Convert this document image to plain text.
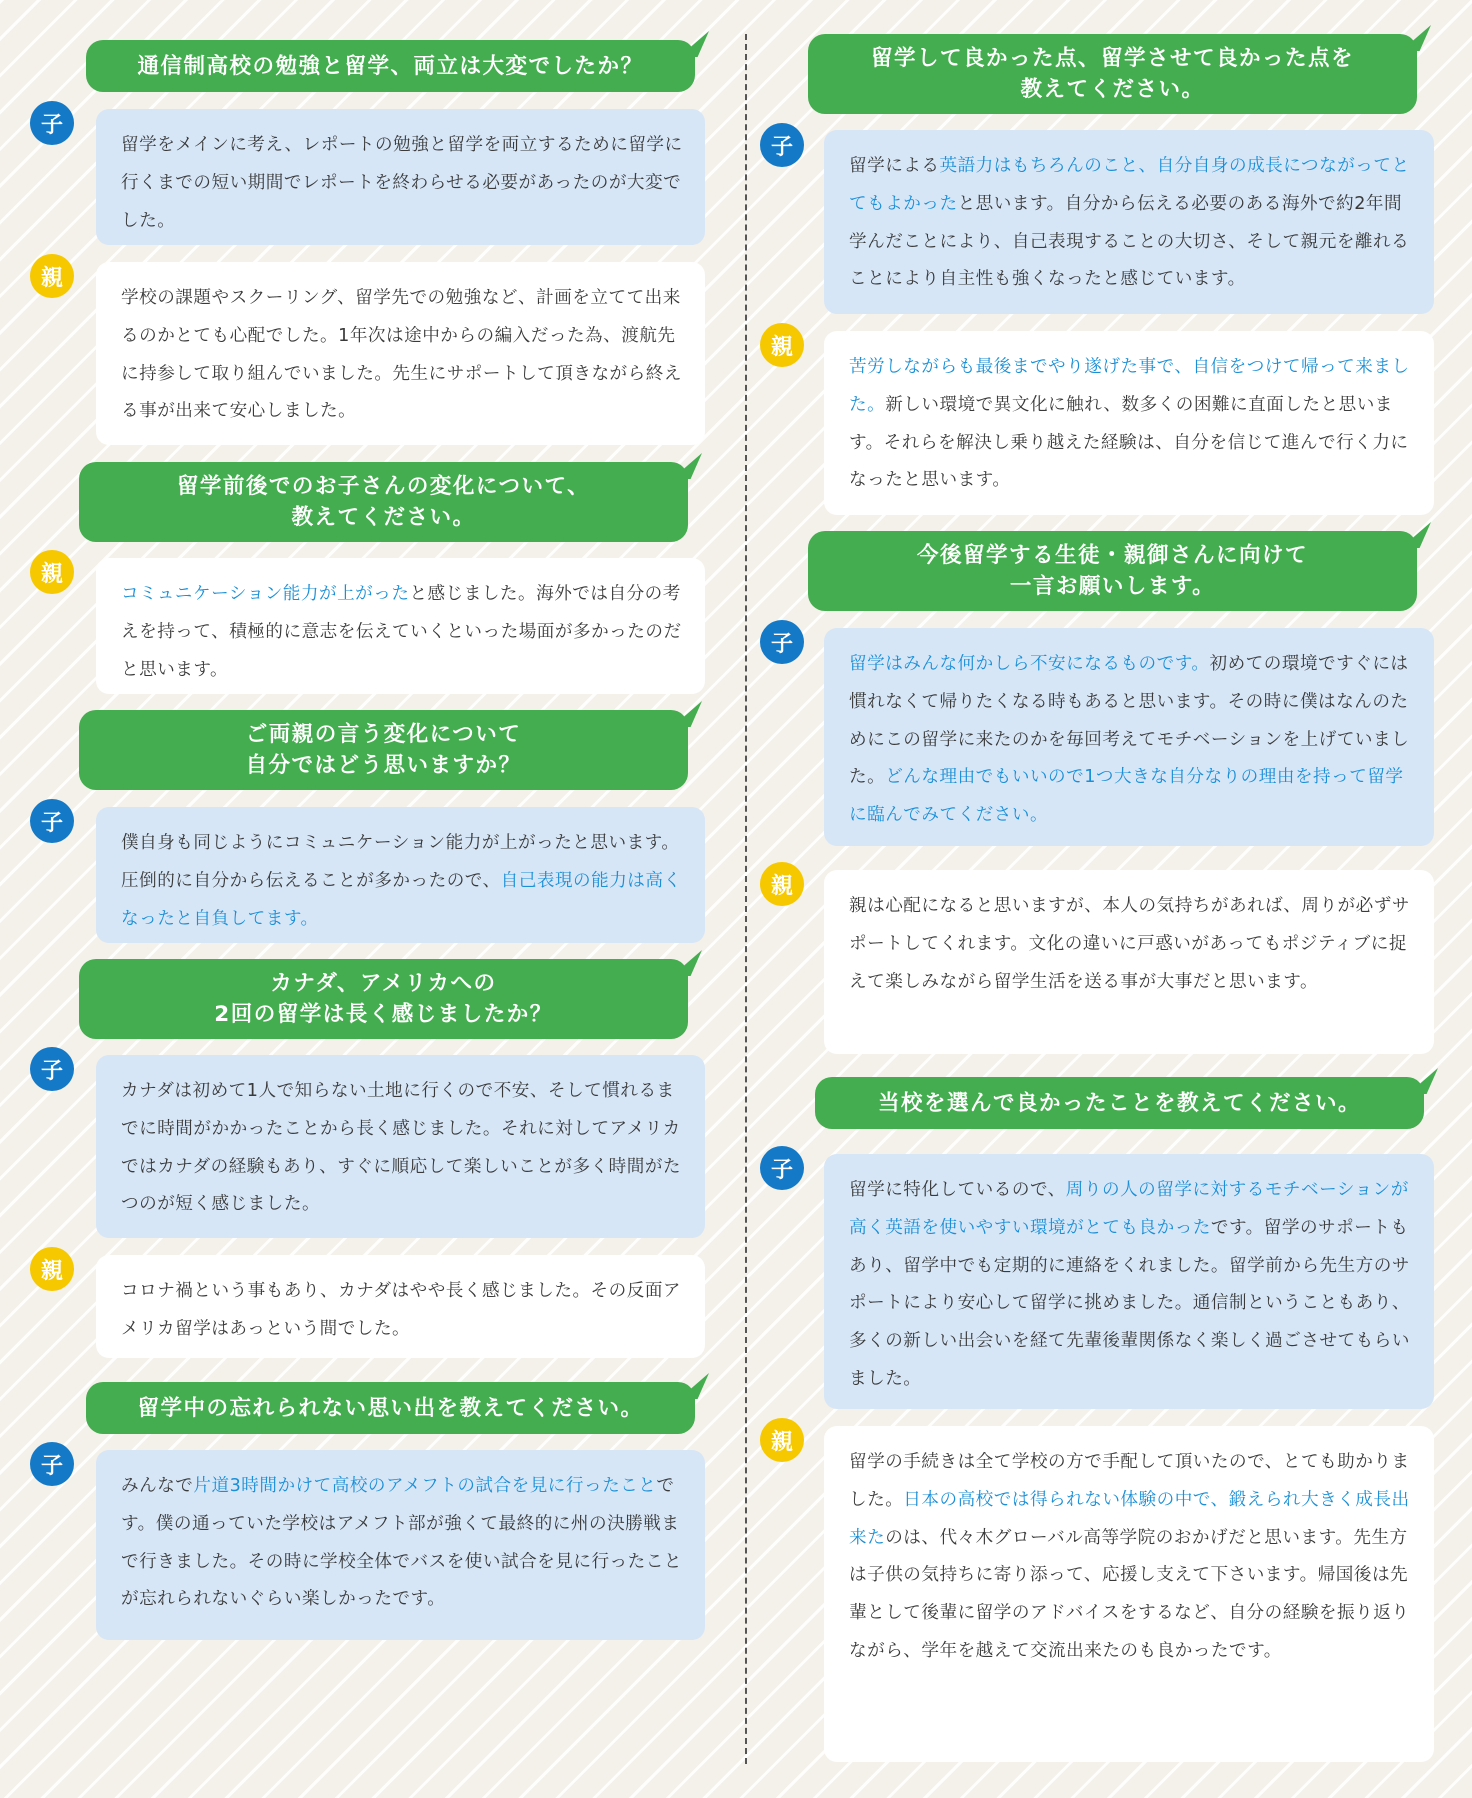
通信制高校の勉強と留学、両立は大変でしたか？
子
留学をメインに考え、レポートの勉強と留学を両立するために留学に行くまでの短い期間でレポートを終わらせる必要があったのが大変でした。
親
学校の課題やスクーリング、留学先での勉強など、計画を立てて出来るのかとても心配でした。1年次は途中からの編入だった為、渡航先に持参して取り組んでいました。先生にサポートして頂きながら終える事が出来て安心しました。
留学前後でのお子さんの変化について、
教えてください。
親
コミュニケーション能力が上がったと感じました。海外では自分の考えを持って、積極的に意志を伝えていくといった場面が多かったのだと思います。
ご両親の言う変化について
自分ではどう思いますか？
子
僕自身も同じようにコミュニケーション能力が上がったと思います。圧倒的に自分から伝えることが多かったので、自己表現の能力は高くなったと自負してます。
カナダ、アメリカへの
2回の留学は長く感じましたか？
子
カナダは初めて1人で知らない土地に行くので不安、そして慣れるまでに時間がかかったことから長く感じました。それに対してアメリカではカナダの経験もあり、すぐに順応して楽しいことが多く時間がたつのが短く感じました。
親
コロナ禍という事もあり、カナダはやや長く感じました。その反面アメリカ留学はあっという間でした。
留学中の忘れられない思い出を教えてください。
子
みんなで片道3時間かけて高校のアメフトの試合を見に行ったことです。僕の通っていた学校はアメフト部が強くて最終的に州の決勝戦まで行きました。その時に学校全体でバスを使い試合を見に行ったことが忘れられないぐらい楽しかったです。
留学して良かった点、留学させて良かった点を
教えてください。
子
留学による英語力はもちろんのこと、自分自身の成長につながってとてもよかったと思います。自分から伝える必要のある海外で約2年間学んだことにより、自己表現することの大切さ、そして親元を離れることにより自主性も強くなったと感じています。
親
苦労しながらも最後までやり遂げた事で、自信をつけて帰って来ました。新しい環境で異文化に触れ、数多くの困難に直面したと思います。それらを解決し乗り越えた経験は、自分を信じて進んで行く力になったと思います。
今後留学する生徒・親御さんに向けて
一言お願いします。
子
留学はみんな何かしら不安になるものです。初めての環境ですぐには慣れなくて帰りたくなる時もあると思います。その時に僕はなんのためにこの留学に来たのかを毎回考えてモチベーションを上げていました。どんな理由でもいいので1つ大きな自分なりの理由を持って留学に臨んでみてください。
親
親は心配になると思いますが、本人の気持ちがあれば、周りが必ずサポートしてくれます。文化の違いに戸惑いがあってもポジティブに捉えて楽しみながら留学生活を送る事が大事だと思います。
当校を選んで良かったことを教えてください。
子
留学に特化しているので、周りの人の留学に対するモチベーションが高く英語を使いやすい環境がとても良かったです。留学のサポートもあり、留学中でも定期的に連絡をくれました。留学前から先生方のサポートにより安心して留学に挑めました。通信制ということもあり、多くの新しい出会いを経て先輩後輩関係なく楽しく過ごさせてもらいました。
親
留学の手続きは全て学校の方で手配して頂いたので、とても助かりました。日本の高校では得られない体験の中で、鍛えられ大きく成長出来たのは、代々木グローバル高等学院のおかげだと思います。先生方は子供の気持ちに寄り添って、応援し支えて下さいます。帰国後は先輩として後輩に留学のアドバイスをするなど、自分の経験を振り返りながら、学年を越えて交流出来たのも良かったです。
